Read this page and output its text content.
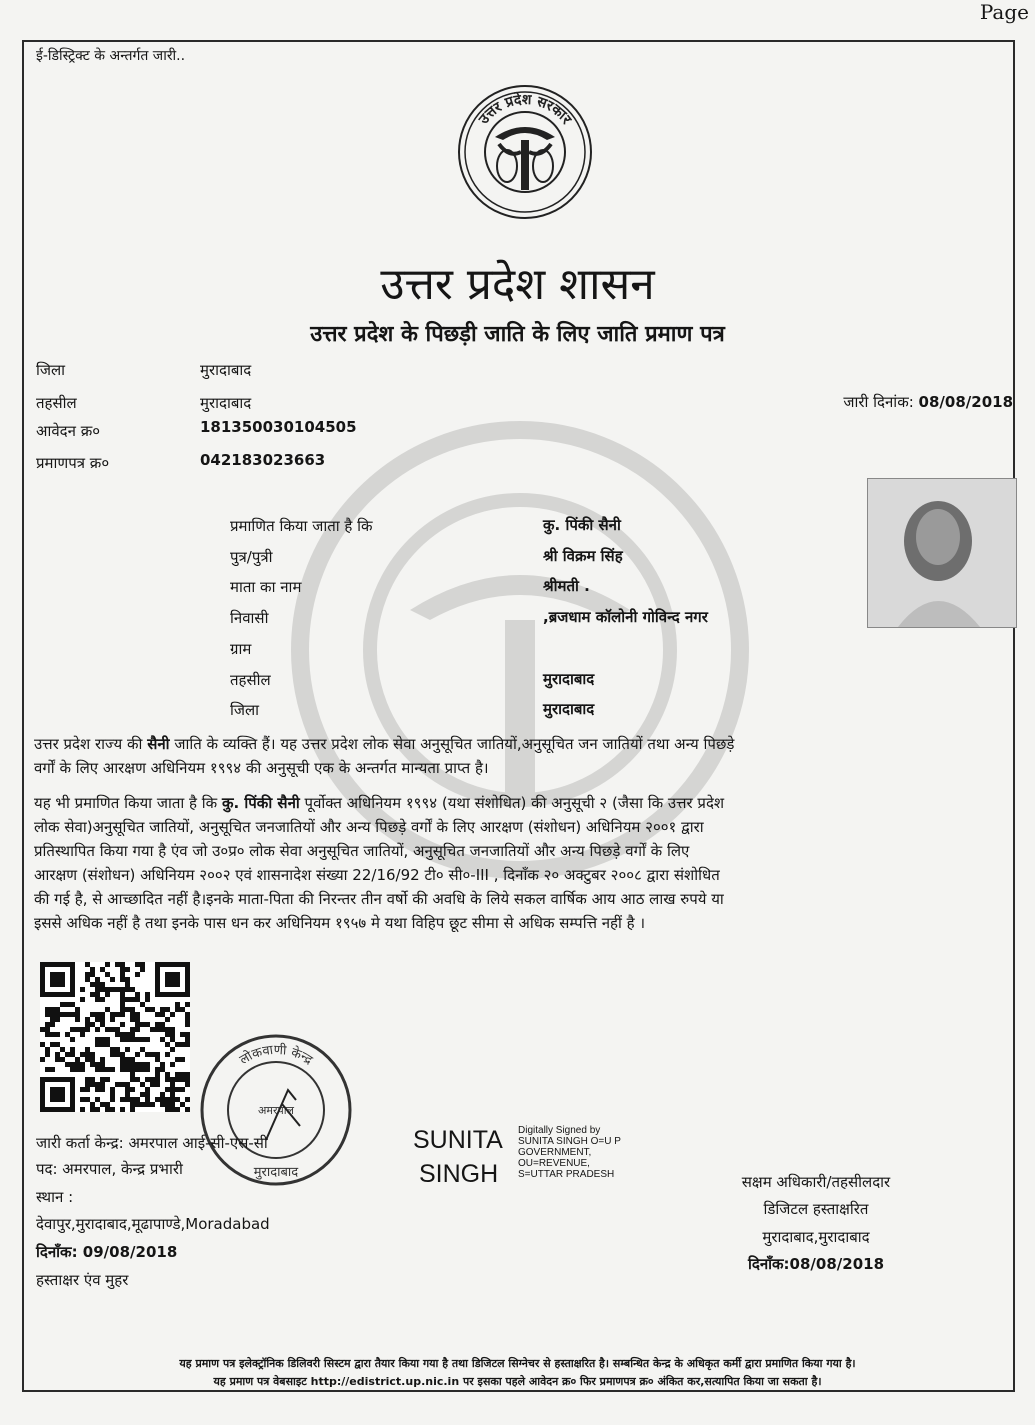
Page
ई-डिस्ट्रिक्ट के अन्तर्गत जारी..
उत्तर प्रदेश सरकार
उत्तर प्रदेश शासन
उत्तर प्रदेश के पिछड़ी जाति के लिए जाति प्रमाण पत्र
जिला	मुरादाबाद
तहसील	मुरादाबाद
आवेदन क्र०	181350030104505
प्रमाणपत्र क्र०	042183023663
जारी दिनांक: 08/08/2018
प्रमाणित किया जाता है कि	कु. पिंकी सैनी
पुत्र/पुत्री	श्री विक्रम सिंह
माता का नाम	श्रीमती .
निवासी	,ब्रजधाम कॉलोनी गोविन्द नगर
ग्राम
तहसील	मुरादाबाद
जिला	मुरादाबाद
उत्तर प्रदेश राज्य की सैनी जाति के व्यक्ति हैं। यह उत्तर प्रदेश लोक सेवा अनुसूचित जातियों,अनुसूचित जन जातियों तथा अन्य पिछड़े
वर्गों के लिए आरक्षण अधिनियम १९९४ की अनुसूची एक के अन्तर्गत मान्यता प्राप्त है।
यह भी प्रमाणित किया जाता है कि कु. पिंकी सैनी पूर्वोक्त अधिनियम १९९४ (यथा संशोधित) की अनुसूची २ (जैसा कि उत्तर प्रदेश
लोक सेवा)अनुसूचित जातियों, अनुसूचित जनजातियों और अन्य पिछड़े वर्गों के लिए आरक्षण (संशोधन) अधिनियम २००१ द्वारा
प्रतिस्थापित किया गया है एंव जो उ०प्र० लोक सेवा अनुसूचित जातियों, अनुसूचित जनजातियों और अन्य पिछड़े वर्गों के लिए
आरक्षण (संशोधन) अधिनियम २००२ एवं शासनादेश संख्या 22/16/92 टी० सी०-III , दिनाँक २० अक्टुबर २००८ द्वारा संशोधित
की गई है, से आच्छादित नहीं है।इनके माता-पिता की निरन्तर तीन वर्षो की अवधि के लिये सकल वार्षिक आय आठ लाख रुपये या
इससे अधिक नहीं है तथा इनके पास धन कर अधिनियम १९५७ मे यथा विहिप छूट सीमा से अधिक सम्पत्ति नहीं है ।
लोकवाणी केन्द्र
अमरपाल
मुरादाबाद
जारी कर्ता केन्द्र: अमरपाल आई-सी-एस-सी
पद: अमरपाल, केन्द्र प्रभारी
स्थान :
देवापुर,मुरादाबाद,मूढापाण्डे,Moradabad
दिनाँक: 09/08/2018
हस्ताक्षर एंव मुहर
SUNITA
SINGH
Digitally Signed by
SUNITA SINGH O=U P
GOVERNMENT,
OU=REVENUE,
S=UTTAR PRADESH	सक्षम अधिकारी/तहसीलदार
डिजिटल हस्ताक्षरित
मुरादाबाद,मुरादाबाद
दिनाँक:08/08/2018
यह प्रमाण पत्र इलेक्ट्रॉनिक डिलिवरी सिस्टम द्वारा तैयार किया गया है तथा डिजिटल सिग्नेचर से हस्ताक्षरित है। सम्बन्धित केन्द्र के अधिकृत कर्मी द्वारा प्रमाणित किया गया है।
यह प्रमाण पत्र वेबसाइट http://edistrict.up.nic.in पर इसका पहले आवेदन क्र० फिर प्रमाणपत्र क्र० अंकित कर,सत्यापित किया जा सकता है।
